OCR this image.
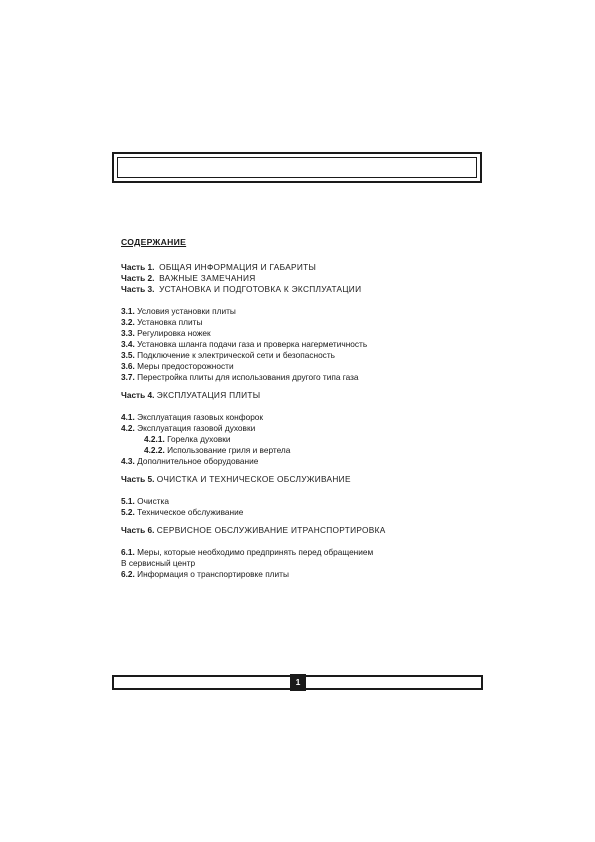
СОДЕРЖАНИЕ
Часть 1. ОБЩАЯ ИНФОРМАЦИЯ И ГАБАРИТЫ
Часть 2. ВАЖНЫЕ ЗАМЕЧАНИЯ
Часть 3. УСТАНОВКА И ПОДГОТОВКА К ЭКСПЛУАТАЦИИ
3.1. Условия установки плиты
3.2. Установка плиты
3.3. Регулировка ножек
3.4. Установка шланга подачи газа и проверка нагерметичность
3.5. Подключение к электрической сети и безопасность
3.6. Меры предосторожности
3.7. Перестройка плиты для использования другого типа газа
Часть 4. ЭКСПЛУАТАЦИЯ ПЛИТЫ
4.1. Эксплуатация газовых конфорок
4.2. Эксплуатация газовой духовки
4.2.1. Горелка духовки
4.2.2. Использование гриля и вертела
4.3. Дополнительное оборудование
Часть 5. ОЧИСТКА И ТЕХНИЧЕСКОЕ ОБСЛУЖИВАНИЕ
5.1. Очистка
5.2. Техническое обслуживание
Часть 6. СЕРВИСНОЕ ОБСЛУЖИВАНИЕ ИТРАНСПОРТИРОВКА
6.1. Меры, которые необходимо предпринять перед обращением
В сервисный центр
6.2. Информация о транспортировке плиты
1
